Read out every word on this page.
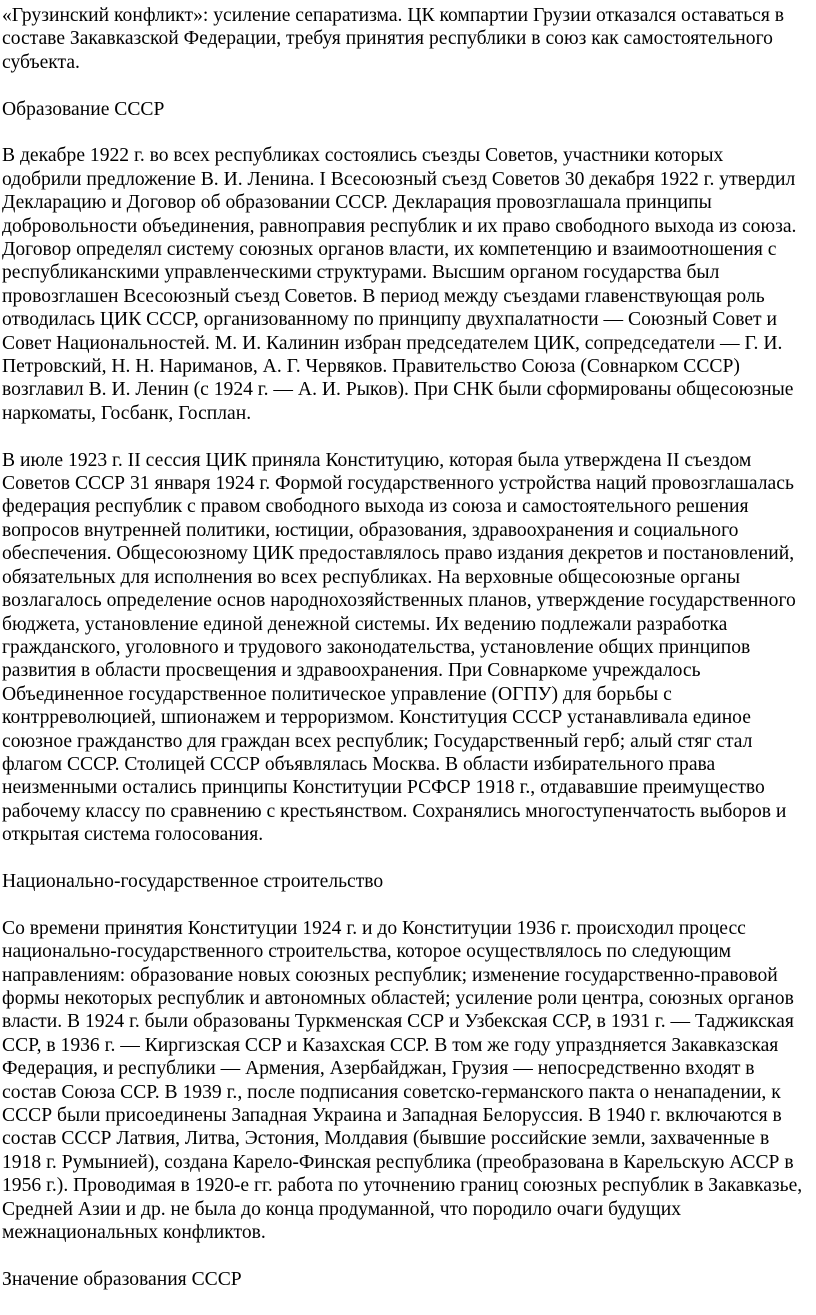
«Грузинский конфликт»: усиление сепаратизма. ЦК компартии Грузии отказался оставаться в
составе Закавказской Федерации, требуя принятия республики в союз как самостоятельного
субъекта.

Образование СССР

В декабре 1922 г. во всех республиках состоялись съезды Советов, участники которых
одобрили предложение В. И. Ленина. I Всесоюзный съезд Советов 30 декабря 1922 г. утвердил
Декларацию и Договор об образовании СССР. Декларация провозглашала принципы
добровольности объединения, равноправия республик и их право свободного выхода из союза.
Договор определял систему союзных органов власти, их компетенцию и взаимоотношения с
республиканскими управленческими структурами. Высшим органом государства был
провозглашен Всесоюзный съезд Советов. В период между съездами главенствующая роль
отводилась ЦИК СССР, организованному по принципу двухпалатности — Союзный Совет и
Совет Национальностей. М. И. Калинин избран председателем ЦИК, сопредседатели — Г. И.
Петровский, Н. Н. Нариманов, А. Г. Червяков. Правительство Союза (Совнарком СССР)
возглавил В. И. Ленин (с 1924 г. — А. И. Рыков). При СНК были сформированы общесоюзные
наркоматы, Госбанк, Госплан.

В июле 1923 г. II сессия ЦИК приняла Конституцию, которая была утверждена II съездом
Советов СССР 31 января 1924 г. Формой государственного устройства наций провозглашалась
федерация республик с правом свободного выхода из союза и самостоятельного решения
вопросов внутренней политики, юстиции, образования, здравоохранения и социального
обеспечения. Общесоюзному ЦИК предоставлялось право издания декретов и постановлений,
обязательных для исполнения во всех республиках. На верховные общесоюзные органы
возлагалось определение основ народнохозяйственных планов, утверждение государственного
бюджета, установление единой денежной системы. Их ведению подлежали разработка
гражданского, уголовного и трудового законодательства, установление общих принципов
развития в области просвещения и здравоохранения. При Совнаркоме учреждалось
Объединенное государственное политическое управление (ОГПУ) для борьбы с
контрреволюцией, шпионажем и терроризмом. Конституция СССР устанавливала единое
союзное гражданство для граждан всех республик; Государственный герб; алый стяг стал
флагом СССР. Столицей СССР объявлялась Москва. В области избирательного права
неизменными остались принципы Конституции РСФСР 1918 г., отдававшие преимущество
рабочему классу по сравнению с крестьянством. Сохранялись многоступенчатость выборов и
открытая система голосования.

Национально-государственное строительство

Со времени принятия Конституции 1924 г. и до Конституции 1936 г. происходил процесс
национально-государственного строительства, которое осуществлялось по следующим
направлениям: образование новых союзных республик; изменение государственно-правовой
формы некоторых республик и автономных областей; усиление роли центра, союзных органов
власти. В 1924 г. были образованы Туркменская ССР и Узбекская ССР, в 1931 г. — Таджикская
ССР, в 1936 г. — Киргизская ССР и Казахская ССР. В том же году упраздняется Закавказская
Федерация, и республики — Армения, Азербайджан, Грузия — непосредственно входят в
состав Союза ССР. В 1939 г., после подписания советско-германского пакта о ненападении, к
СССР были присоединены Западная Украина и Западная Белоруссия. В 1940 г. включаются в
состав СССР Латвия, Литва, Эстония, Молдавия (бывшие российские земли, захваченные в
1918 г. Румынией), создана Карело-Финская республика (преобразована в Карельскую АССР в
1956 г.). Проводимая в 1920-е гг. работа по уточнению границ союзных республик в Закавказье,
Средней Азии и др. не была до конца продуманной, что породило очаги будущих
межнациональных конфликтов.

Значение образования СССР
